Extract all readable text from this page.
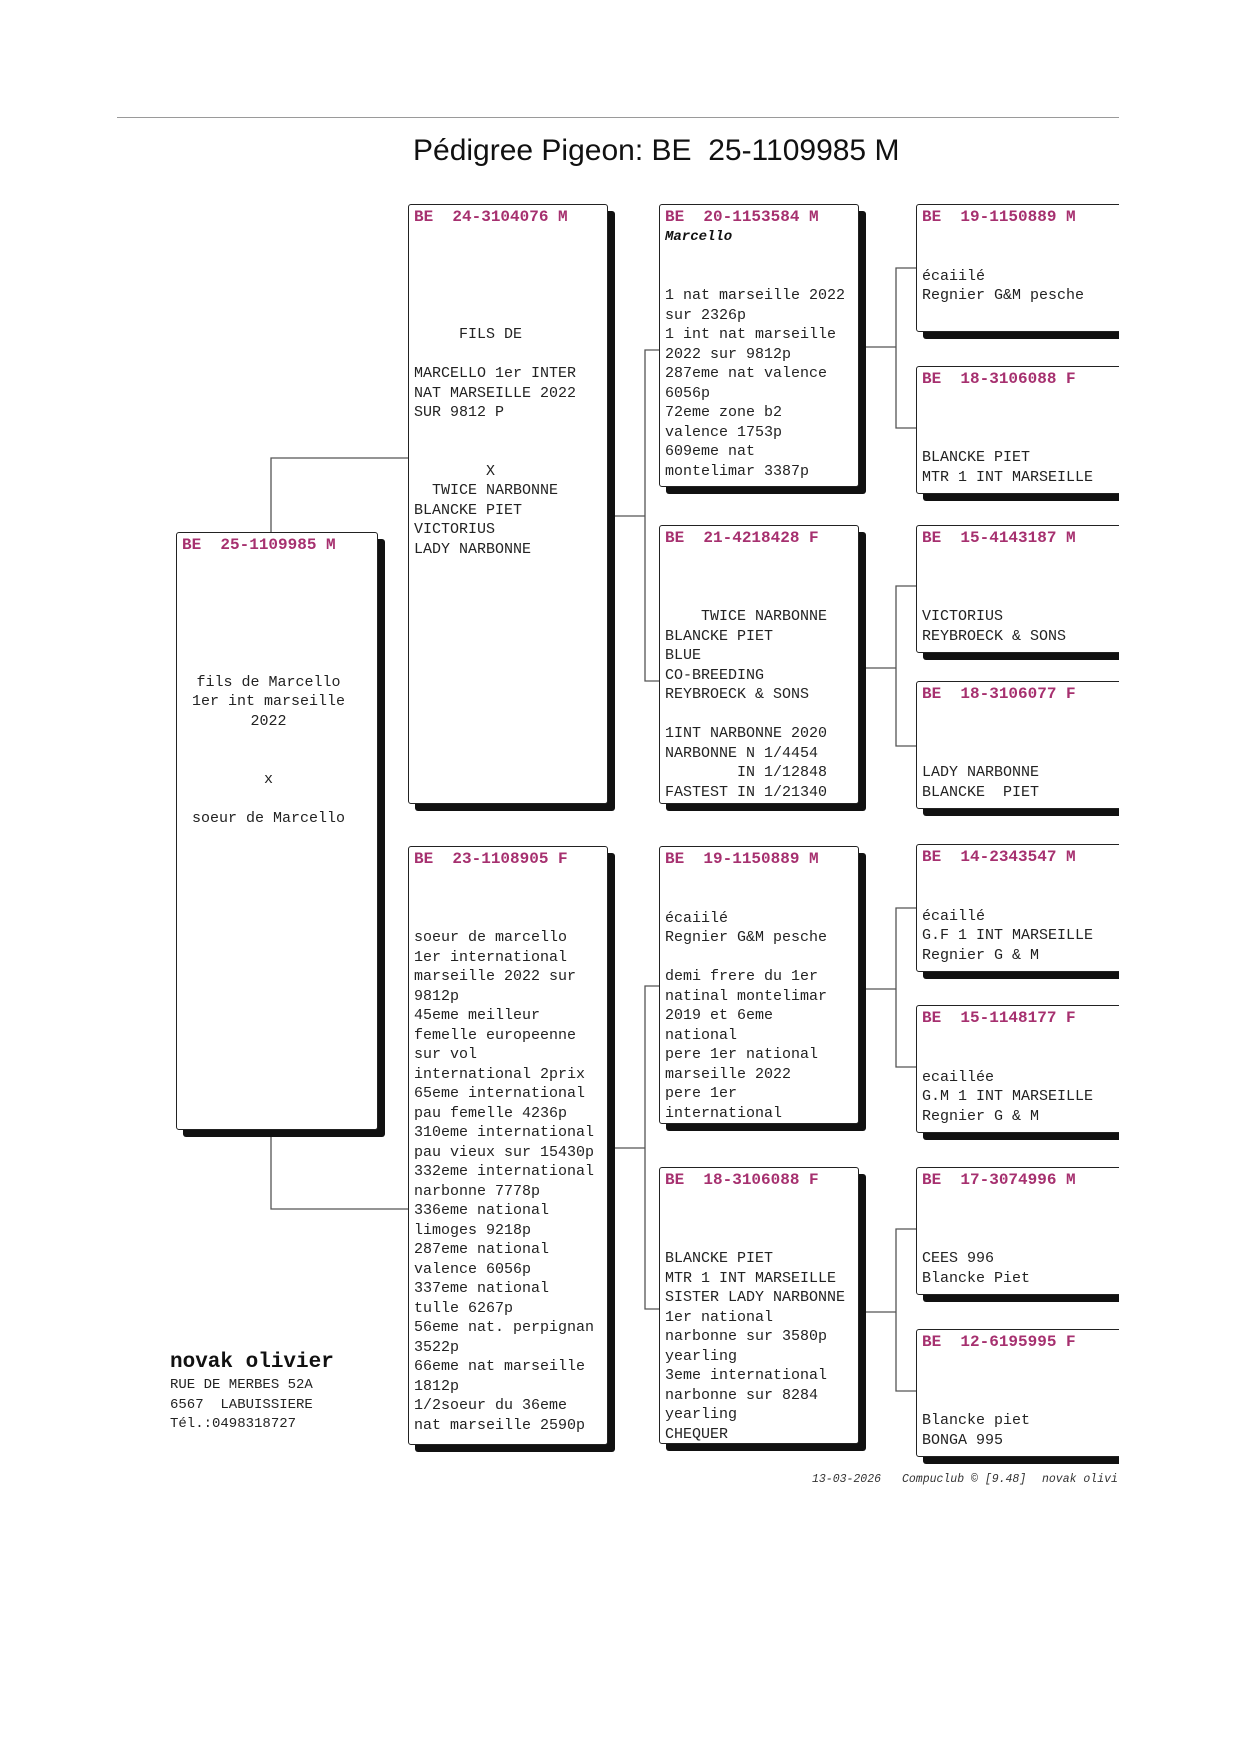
Pédigree Pigeon: BE  25-1109985 M
BE  25-1109985 M
fils de Marcello
1er int marseille
2022
x
soeur de Marcello
BE  24-3104076 M
FILS DE
MARCELLO 1er INTER
NAT MARSEILLE 2022
SUR 9812 P
X
TWICE NARBONNE
BLANCKE PIET
VICTORIUS
LADY NARBONNE
BE  23-1108905 F
soeur de marcello
1er international
marseille 2022 sur
9812p
45eme meilleur
femelle europeenne
sur vol
international 2prix
65eme international
pau femelle 4236p
310eme international
pau vieux sur 15430p
332eme international
narbonne 7778p
336eme national
limoges 9218p
287eme national
valence 6056p
337eme national
tulle 6267p
56eme nat. perpignan
3522p
66eme nat marseille
1812p
1/2soeur du 36eme
nat marseille 2590p
BE  20-1153584 M
Marcello
1 nat marseille 2022
sur 2326p
1 int nat marseille
2022 sur 9812p
287eme nat valence
6056p
72eme zone b2
valence 1753p
609eme nat
montelimar 3387p
BE  21-4218428 F
TWICE NARBONNE
BLANCKE PIET
BLUE
CO-BREEDING
REYBROECK & SONS
1INT NARBONNE 2020
NARBONNE N 1/4454
IN 1/12848
FASTEST IN 1/21340
BE  19-1150889 M
écaiilé
Regnier G&M pesche
demi frere du 1er
natinal montelimar
2019 et 6eme
national
pere 1er national
marseille 2022
pere 1er
international
BE  18-3106088 F
BLANCKE PIET
MTR 1 INT MARSEILLE
SISTER LADY NARBONNE
1er national
narbonne sur 3580p
yearling
3eme international
narbonne sur 8284
yearling
CHEQUER
BE  19-1150889 M
écaiilé
Regnier G&M pesche
BE  18-3106088 F
BLANCKE PIET
MTR 1 INT MARSEILLE
BE  15-4143187 M
VICTORIUS
REYBROECK & SONS
BE  18-3106077 F
LADY NARBONNE
BLANCKE  PIET
BE  14-2343547 M
écaillé
G.F 1 INT MARSEILLE
Regnier G & M
BE  15-1148177 F
ecaillée
G.M 1 INT MARSEILLE
Regnier G & M
BE  17-3074996 M
CEES 996
Blancke Piet
BE  12-6195995 F
Blancke piet
BONGA 995
13-03-2026 Compuclub © [9.48] novak olivi
novak olivier
RUE DE MERBES 52A
6567  LABUISSIERE
Tél.:0498318727
